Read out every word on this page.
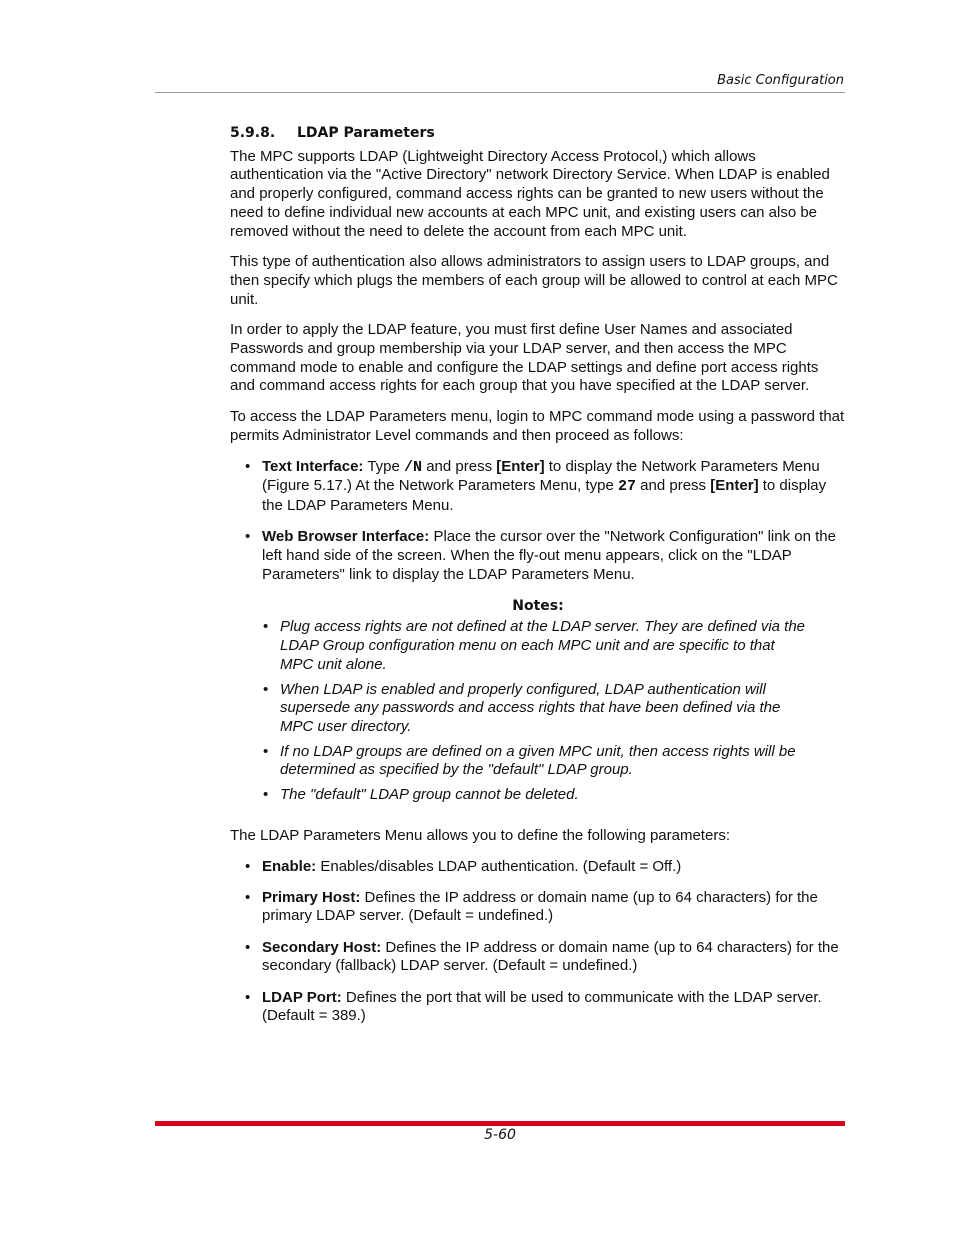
Basic Configuration
5.9.8. LDAP Parameters

The MPC supports LDAP (Lightweight Directory Access Protocol,) which allows authentication via the "Active Directory" network Directory Service. When LDAP is enabled and properly configured, command access rights can be granted to new users without the need to define individual new accounts at each MPC unit, and existing users can also be removed without the need to delete the account from each MPC unit.

This type of authentication also allows administrators to assign users to LDAP groups, and then specify which plugs the members of each group will be allowed to control at each MPC unit.

In order to apply the LDAP feature, you must first define User Names and associated Passwords and group membership via your LDAP server, and then access the MPC command mode to enable and configure the LDAP settings and define port access rights and command access rights for each group that you have specified at the LDAP server.

To access the LDAP Parameters menu, login to MPC command mode using a password that permits Administrator Level commands and then proceed as follows:

• Text Interface: Type /N and press [Enter] to display the Network Parameters Menu (Figure 5.17.) At the Network Parameters Menu, type 27 and press [Enter] to display the LDAP Parameters Menu.
• Web Browser Interface: Place the cursor over the "Network Configuration" link on the left hand side of the screen. When the fly-out menu appears, click on the "LDAP Parameters" link to display the LDAP Parameters Menu.
Notes:
• Plug access rights are not defined at the LDAP server. They are defined via the LDAP Group configuration menu on each MPC unit and are specific to that MPC unit alone.
• When LDAP is enabled and properly configured, LDAP authentication will supersede any passwords and access rights that have been defined via the MPC user directory.
• If no LDAP groups are defined on a given MPC unit, then access rights will be determined as specified by the "default" LDAP group.
• The "default" LDAP group cannot be deleted.

The LDAP Parameters Menu allows you to define the following parameters:

• Enable: Enables/disables LDAP authentication. (Default = Off.)
• Primary Host: Defines the IP address or domain name (up to 64 characters) for the primary LDAP server. (Default = undefined.)
• Secondary Host: Defines the IP address or domain name (up to 64 characters) for the secondary (fallback) LDAP server. (Default = undefined.)
• LDAP Port: Defines the port that will be used to communicate with the LDAP server. (Default = 389.)
5-60
